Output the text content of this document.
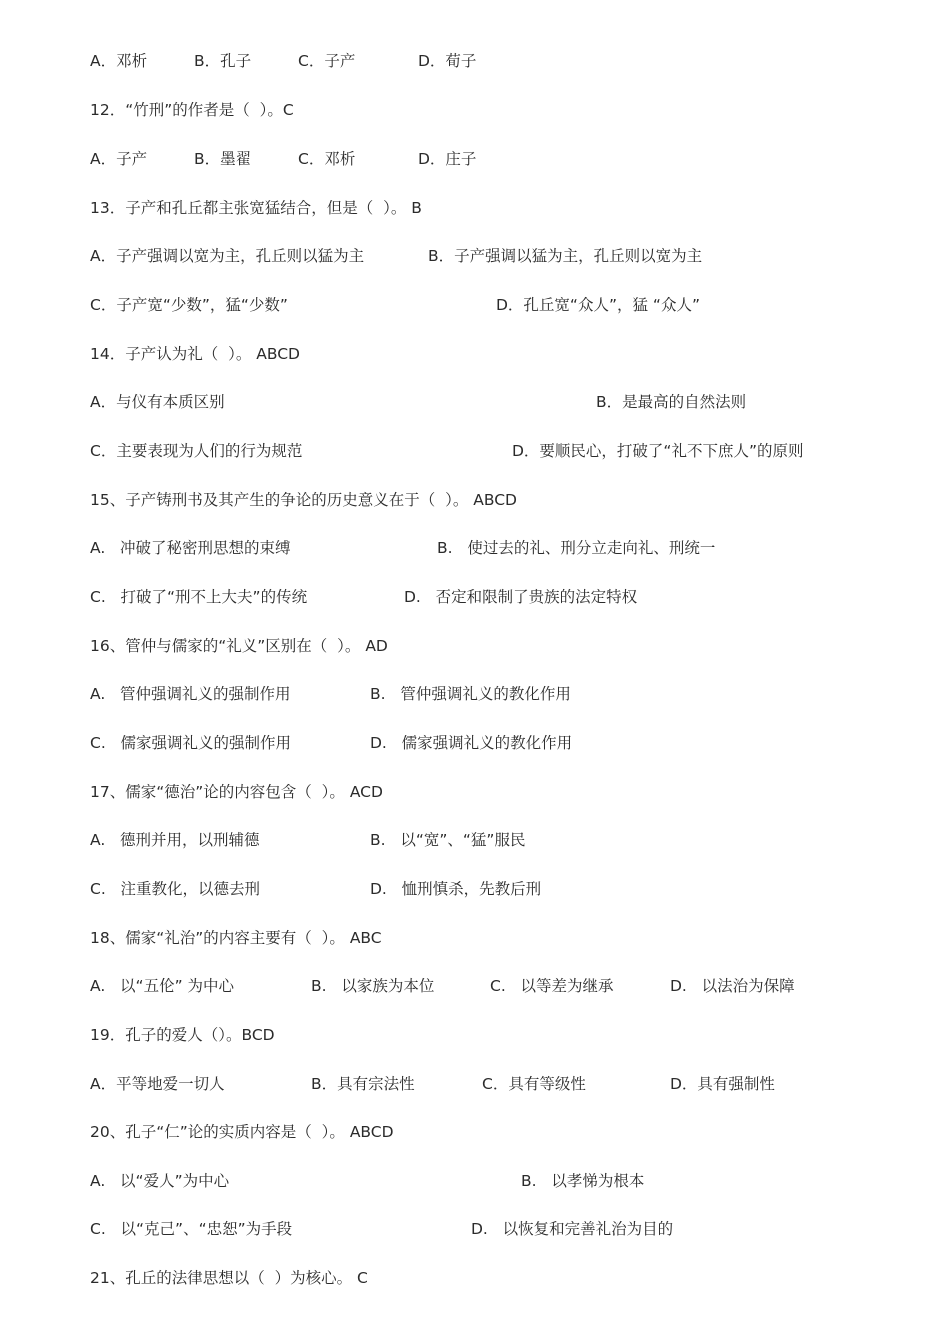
A．邓析	B．孔子	C．子产	D．荀子
12．“竹刑”的作者是（  ）。C
A．子产	B．墨翟	C．邓析	D．庄子
13．子产和孔丘都主张宽猛结合，但是（  ）。 B
A．子产强调以宽为主，孔丘则以猛为主	B．子产强调以猛为主，孔丘则以宽为主
C．子产宽“少数”，猛“少数”	D．孔丘宽“众人”，猛 “众人”
14．子产认为礼（  ）。 ABCD
A．与仪有本质区别	B．是最高的自然法则
C．主要表现为人们的行为规范	D．要顺民心，打破了“礼不下庶人”的原则
15、子产铸刑书及其产生的争论的历史意义在于（  ）。 ABCD
A.   冲破了秘密刑思想的束缚	B.   使过去的礼、刑分立走向礼、刑统一
C.   打破了“刑不上大夫”的传统	D.   否定和限制了贵族的法定特权
16、管仲与儒家的“礼义”区别在（  ）。 AD
A.   管仲强调礼义的强制作用	B.   管仲强调礼义的教化作用
C.   儒家强调礼义的强制作用	D.   儒家强调礼义的教化作用
17、儒家“德治”论的内容包含（  ）。 ACD
A.   德刑并用，以刑辅德	B.   以“宽”、“猛”服民
C.   注重教化，以德去刑	D.   恤刑慎杀，先教后刑
18、儒家“礼治”的内容主要有（  ）。 ABC
A.   以“五伦” 为中心	B.   以家族为本位	C.   以等差为继承	D.   以法治为保障
19．孔子的爱人（）。BCD
A．平等地爱一切人	B．具有宗法性	C．具有等级性	D．具有强制性
20、孔子“仁”论的实质内容是（  ）。 ABCD
A.   以“爱人”为中心	B.   以孝悌为根本
C.   以“克己”、“忠恕”为手段	D.   以恢复和完善礼治为目的
21、孔丘的法律思想以（  ）为核心。 C
